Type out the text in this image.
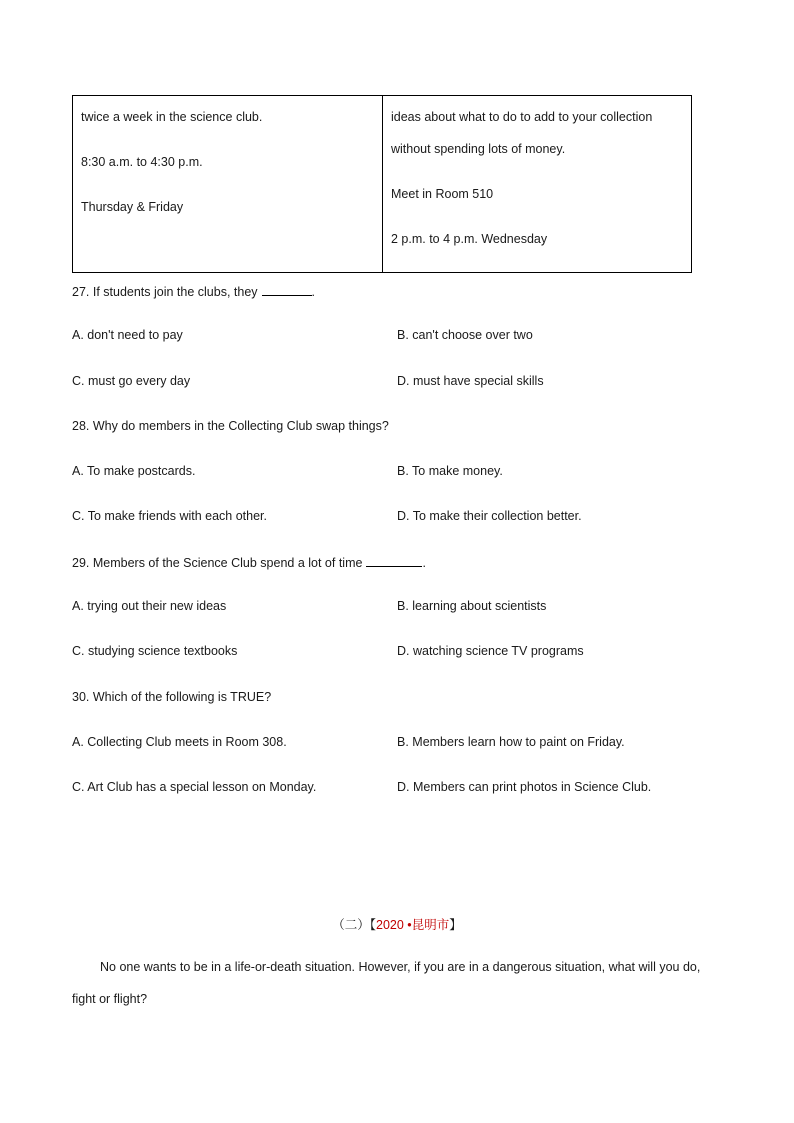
twice a week in the science club.
8:30 a.m. to 4:30 p.m.
Thursday & Friday

ideas about what to do to add to your collection
without spending lots of money.
Meet in Room 510
2 p.m. to 4 p.m. Wednesday
27. If students join the clubs, they	.
A. don't need to pay	B. can't choose over two
C. must go every day	D. must have special skills
28. Why do members in the Collecting Club swap things?
A. To make postcards.	B. To make money.
C. To make friends with each other.	D. To make their collection better.
29. Members of the Science Club spend a lot of time	.
A. trying out their new ideas	B. learning about scientists
C. studying science textbooks	D. watching science TV programs
30. Which of the following is TRUE?
A. Collecting Club meets in Room 308.	B. Members learn how to paint on Friday.
C. Art Club has a special lesson on Monday.	D. Members can print photos in Science Club.
（二）【2020 •昆明市】
No one wants to be in a life-or-death situation. However, if you are in a dangerous situation, what will you do, fight or flight?
